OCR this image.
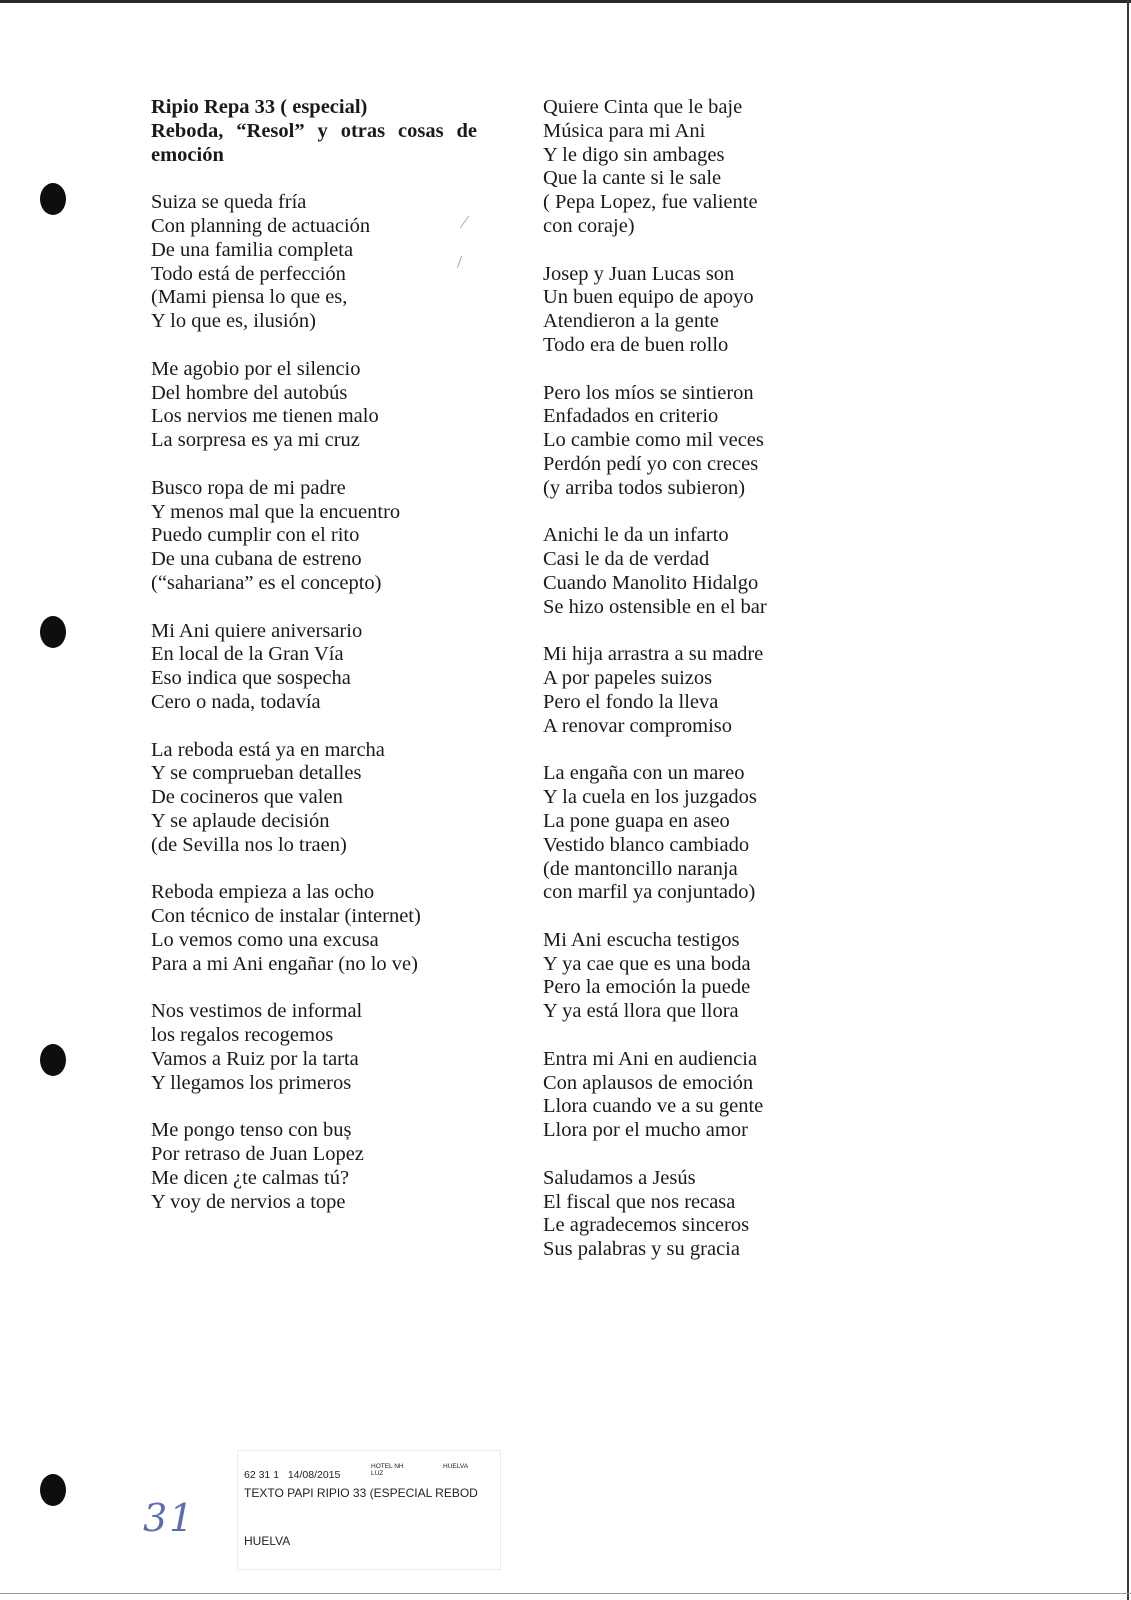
⁄
/
Ripio Repa 33 ( especial)
Reboda, “Resol” y otras cosas de
emoción
Suiza se queda fría
Con planning de actuación
De una familia completa
Todo está de perfección
(Mami piensa lo que es,
Y lo que es, ilusión)
Me agobio por el silencio
Del hombre del autobús
Los nervios me tienen malo
La sorpresa es ya mi cruz
Busco ropa de mi padre
Y menos mal que la encuentro
Puedo cumplir con el rito
De una cubana de estreno
(“sahariana” es el concepto)
Mi Ani quiere aniversario
En local de la Gran Vía
Eso indica que sospecha
Cero o nada, todavía
La reboda está ya en marcha
Y se comprueban detalles
De cocineros que valen
Y se aplaude decisión
(de Sevilla nos lo traen)
Reboda empieza a las ocho
Con técnico de instalar (internet)
Lo vemos como una excusa
Para a mi Ani engañar (no lo ve)
Nos vestimos de informal
los regalos recogemos
Vamos a Ruiz por la tarta
Y llegamos los primeros
Me pongo tenso con buș
Por retraso de Juan Lopez
Me dicen ¿te calmas tú?
Y voy de nervios a tope
Quiere Cinta que le baje
Música para mi Ani
Y le digo sin ambages
Que la cante si le sale
( Pepa Lopez, fue valiente
con coraje)
Josep y Juan Lucas son
Un buen equipo de apoyo
Atendieron a la gente
Todo era de buen rollo
Pero los míos se sintieron
Enfadados en criterio
Lo cambie como mil veces
Perdón pedí yo con creces
(y arriba todos subieron)
Anichi le da un infarto
Casi le da de verdad
Cuando Manolito Hidalgo
Se hizo ostensible en el bar
Mi hija arrastra a su madre
A por papeles suizos
Pero el fondo la lleva
A renovar compromiso
La engaña con un mareo
Y la cuela en los juzgados
La pone guapa en aseo
Vestido blanco cambiado
(de mantoncillo naranja
con marfil ya conjuntado)
Mi Ani escucha testigos
Y ya cae que es una boda
Pero la emoción la puede
Y ya está llora que llora
Entra mi Ani en audiencia
Con aplausos de emoción
Llora cuando ve a su gente
Llora por el mucho amor
Saludamos a Jesús
El fiscal que nos recasa
Le agradecemos sinceros
Sus palabras y su gracia
62 31 1 14/08/2015
HOTEL NH
LUZ
HUELVA
TEXTO PAPI RIPIO 33 (ESPECIAL REBOD
HUELVA
31
